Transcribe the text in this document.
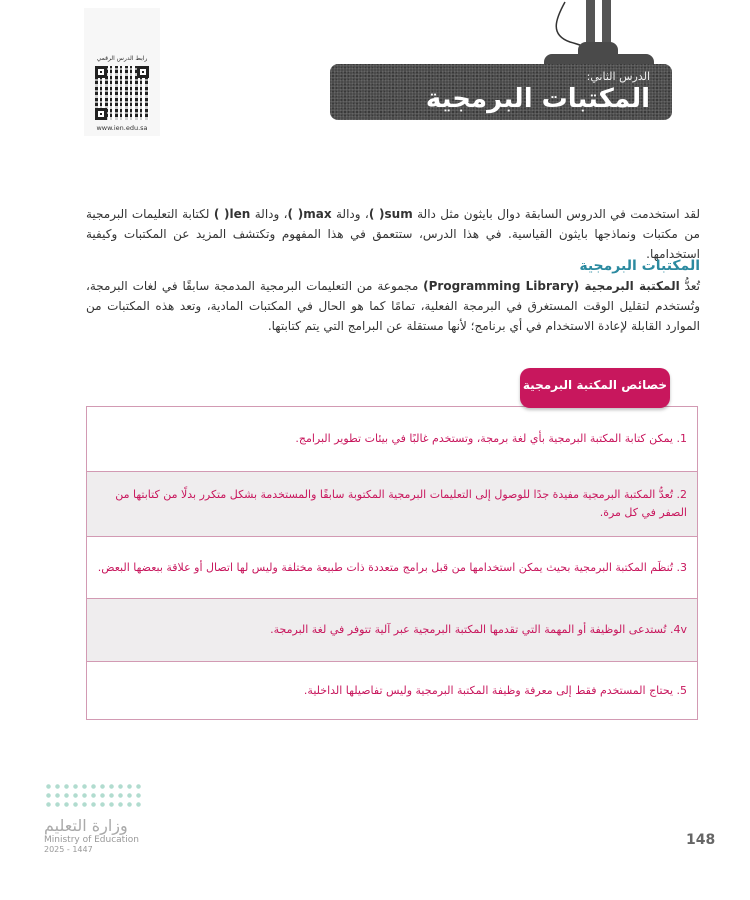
رابط الدرس الرقمي
www.ien.edu.sa
الدرس الثاني:
المكتبات البرمجية
لقد استخدمت في الدروس السابقة دوال بايثون مثل دالة sum( )، ودالة max( )، ودالة len( ) لكتابة التعليمات البرمجية من مكتبات ونماذجها بايثون القياسية. في هذا الدرس، ستتعمق في هذا المفهوم وتكتشف المزيد عن المكتبات وكيفية استخدامها.
المكتبات البرمجية
تُعدُّ المكتبة البرمجية (Programming Library) مجموعة من التعليمات البرمجية المدمجة سابقًا في لغات البرمجة، وتُستخدم لتقليل الوقت المستغرق في البرمجة الفعلية، تمامًا كما هو الحال في المكتبات المادية، وتعد هذه المكتبات من الموارد القابلة لإعادة الاستخدام في أي برنامج؛ لأنها مستقلة عن البرامج التي يتم كتابتها.
خصائص المكتبة البرمجية
1. يمكن كتابة المكتبة البرمجية بأي لغة برمجة، وتستخدم غالبًا في بيئات تطوير البرامج.
2. تُعدُّ المكتبة البرمجية مفيدة جدًا للوصول إلى التعليمات البرمجية المكتوبة سابقًا والمستخدمة بشكل متكرر بدلًا من كتابتها من الصفر في كل مرة.
3. تُنظَم المكتبة البرمجية بحيث يمكن استخدامها من قبل برامج متعددة ذات طبيعة مختلفة وليس لها اتصال أو علاقة ببعضها البعض.
4v. تُستدعى الوظيفة أو المهمة التي تقدمها المكتبة البرمجية عبر آلية تتوفر في لغة البرمجة.
5. يحتاج المستخدم فقط إلى معرفة وظيفة المكتبة البرمجية وليس تفاصيلها الداخلية.
وزارة التعليم
Ministry of Education
2025 - 1447
148
